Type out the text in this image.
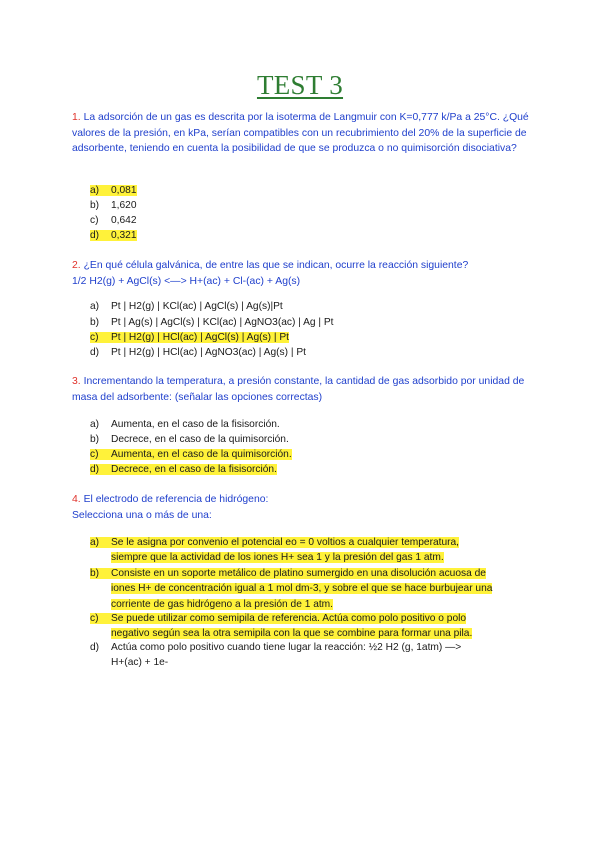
TEST 3
1. La adsorción de un gas es descrita por la isoterma de Langmuir con K=0,777 k/Pa a 25°C. ¿Qué valores de la presión, en kPa, serían compatibles con un recubrimiento del 20% de la superficie de adsorbente, teniendo en cuenta la posibilidad de que se produzca o no quimisorción disociativa?
a) 0,081
b) 1,620
c) 0,642
d) 0,321
2. ¿En qué célula galvánica, de entre las que se indican, ocurre la reacción siguiente?
1/2 H2(g) + AgCl(s) <—> H+(ac) + Cl-(ac) + Ag(s)
a) Pt | H2(g) | KCl(ac) | AgCl(s) | Ag(s)|Pt
b) Pt | Ag(s) | AgCl(s) | KCl(ac) | AgNO3(ac) | Ag | Pt
c) Pt | H2(g) | HCl(ac) | AgCl(s) | Ag(s) | Pt
d) Pt | H2(g) | HCl(ac) | AgNO3(ac) | Ag(s) | Pt
3. Incrementando la temperatura, a presión constante, la cantidad de gas adsorbido por unidad de masa del adsorbente: (señalar las opciones correctas)
a) Aumenta, en el caso de la fisisorción.
b) Decrece, en el caso de la quimisorción.
c) Aumenta, en el caso de la quimisorción.
d) Decrece, en el caso de la fisisorción.
4. El electrodo de referencia de hidrógeno:
Selecciona una o más de una:
a) Se le asigna por convenio el potencial eo = 0 voltios a cualquier temperatura,
siempre que la actividad de los iones H+ sea 1 y la presión del gas 1 atm.
b) Consiste en un soporte metálico de platino sumergido en una disolución acuosa de
iones H+ de concentración igual a 1 mol dm-3, y sobre el que se hace burbujear una
corriente de gas hidrógeno a la presión de 1 atm.
c) Se puede utilizar como semipila de referencia. Actúa como polo positivo o polo
negativo según sea la otra semipila con la que se combine para formar una pila.
d) Actúa como polo positivo cuando tiene lugar la reacción: ½2 H2 (g, 1atm) —>
H+(ac) + 1e-
